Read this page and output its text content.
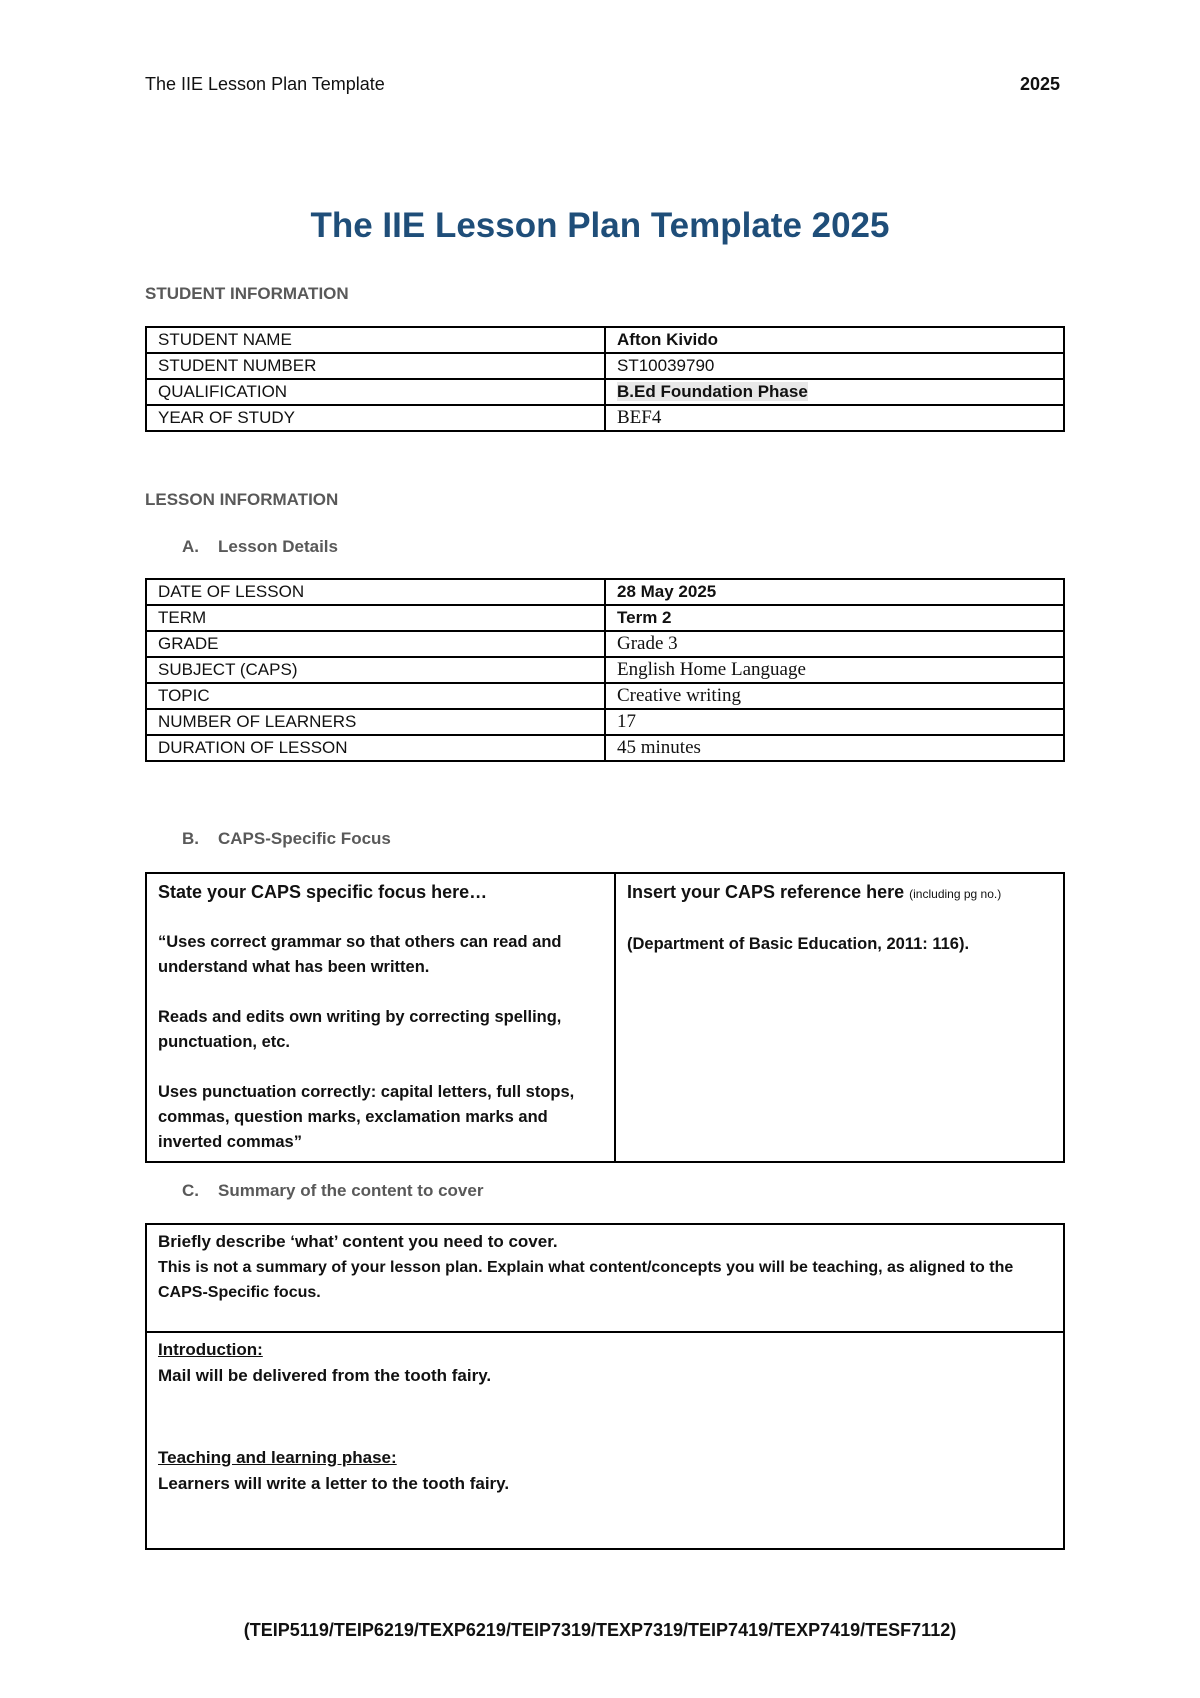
The IIE Lesson Plan Template	2025
The IIE Lesson Plan Template 2025
STUDENT INFORMATION
STUDENT NAME	Afton Kivido
STUDENT NUMBER	ST10039790
QUALIFICATION	B.Ed Foundation Phase
YEAR OF STUDY	BEF4
LESSON INFORMATION
A. Lesson Details
DATE OF LESSON	28 May 2025
TERM	Term 2
GRADE	Grade 3
SUBJECT (CAPS)	English Home Language
TOPIC	Creative writing
NUMBER OF LEARNERS	17
DURATION OF LESSON	45 minutes
B. CAPS-Specific Focus

State your CAPS specific focus here…

“Uses correct grammar so that others can read and understand what has been written.

Reads and edits own writing by correcting spelling, punctuation, etc.

Uses punctuation correctly: capital letters, full stops, commas, question marks, exclamation marks and inverted commas”

Insert your CAPS reference here (including pg no.)

(Department of Basic Education, 2011: 116).

C. Summary of the content to cover
Briefly describe ‘what’ content you need to cover.
This is not a summary of your lesson plan. Explain what content/concepts you will be teaching, as aligned to the CAPS-Specific focus.

Introduction:
Mail will be delivered from the tooth fairy.
Teaching and learning phase:
Learners will write a letter to the tooth fairy.
(TEIP5119/TEIP6219/TEXP6219/TEIP7319/TEXP7319/TEIP7419/TEXP7419/TESF7112)
